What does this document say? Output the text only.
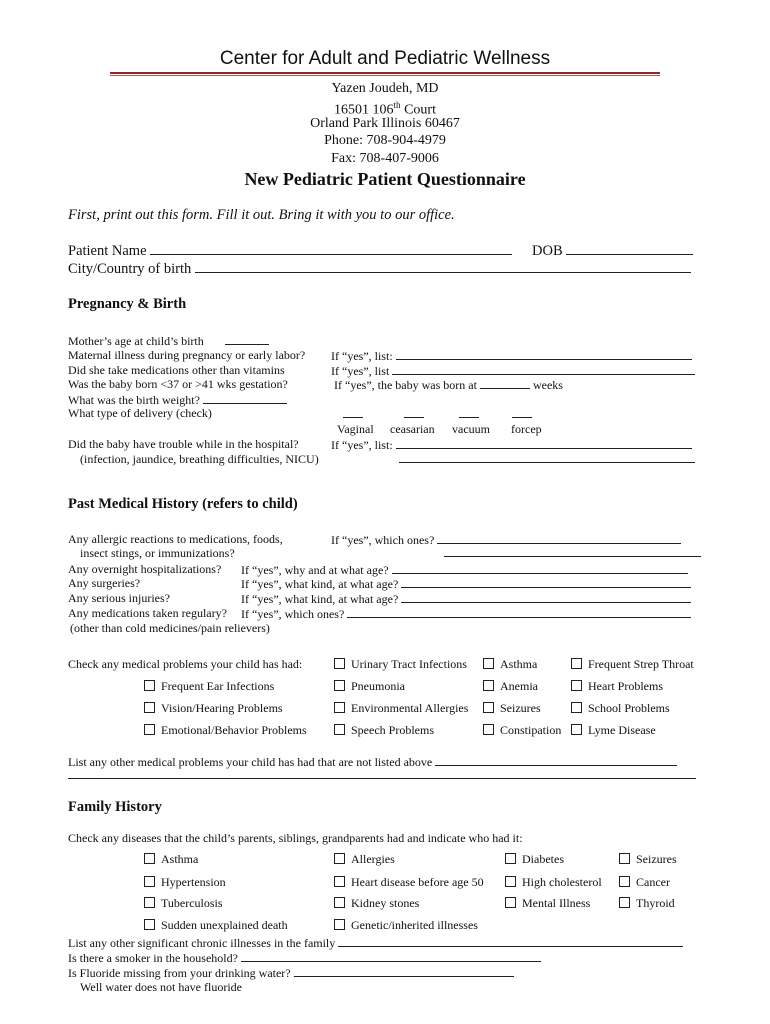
Center for Adult and Pediatric Wellness
Yazen Joudeh, MD
16501 106th Court
Orland Park Illinois 60467
Phone: 708-904-4979
Fax: 708-407-9006
New Pediatric Patient Questionnaire
First, print out this form. Fill it out. Bring it with you to our office.
Patient Name	DOB
City/Country of birth
Pregnancy & Birth
Mother’s age at child’s birth
Maternal illness during pregnancy or early labor? If “yes”, list:
Did she take medications other than vitamins	If “yes”, list
Was the baby born <37 or >41 wks gestation?	If “yes”, the baby was born at	weeks
What was the birth weight?
What type of delivery (check)
Vaginal ceasarian vacuum forcep
Did the baby have trouble while in the hospital?	If “yes”, list:
(infection, jaundice, breathing difficulties, NICU)
Past Medical History (refers to child)
Any allergic reactions to medications, foods,	If “yes”, which ones?
insect stings, or immunizations?
Any overnight hospitalizations? If “yes”, why and at what age?
Any surgeries?	If “yes”, what kind, at what age?
Any serious injuries?	If “yes”, what kind, at what age?
Any medications taken regulary? If “yes”, which ones?
(other than cold medicines/pain relievers)
Check any medical problems your child has had:	Urinary Tract Infections	Asthma	Frequent Strep Throat
Frequent Ear Infections	Pneumonia	Anemia	Heart Problems
Vision/Hearing Problems	Environmental Allergies	Seizures	School Problems
Emotional/Behavior Problems	Speech Problems	Constipation	Lyme Disease
List any other medical problems your child has had that are not listed above
Family History
Check any diseases that the child’s parents, siblings, grandparents had and indicate who had it:
Asthma	Allergies	Diabetes	Seizures
Hypertension	Heart disease before age 50	High cholesterol	Cancer
Tuberculosis	Kidney stones	Mental Illness	Thyroid
Sudden unexplained death	Genetic/inherited illnesses
List any other significant chronic illnesses in the family
Is there a smoker in the household?
Is Fluoride missing from your drinking water?
Well water does not have fluoride
